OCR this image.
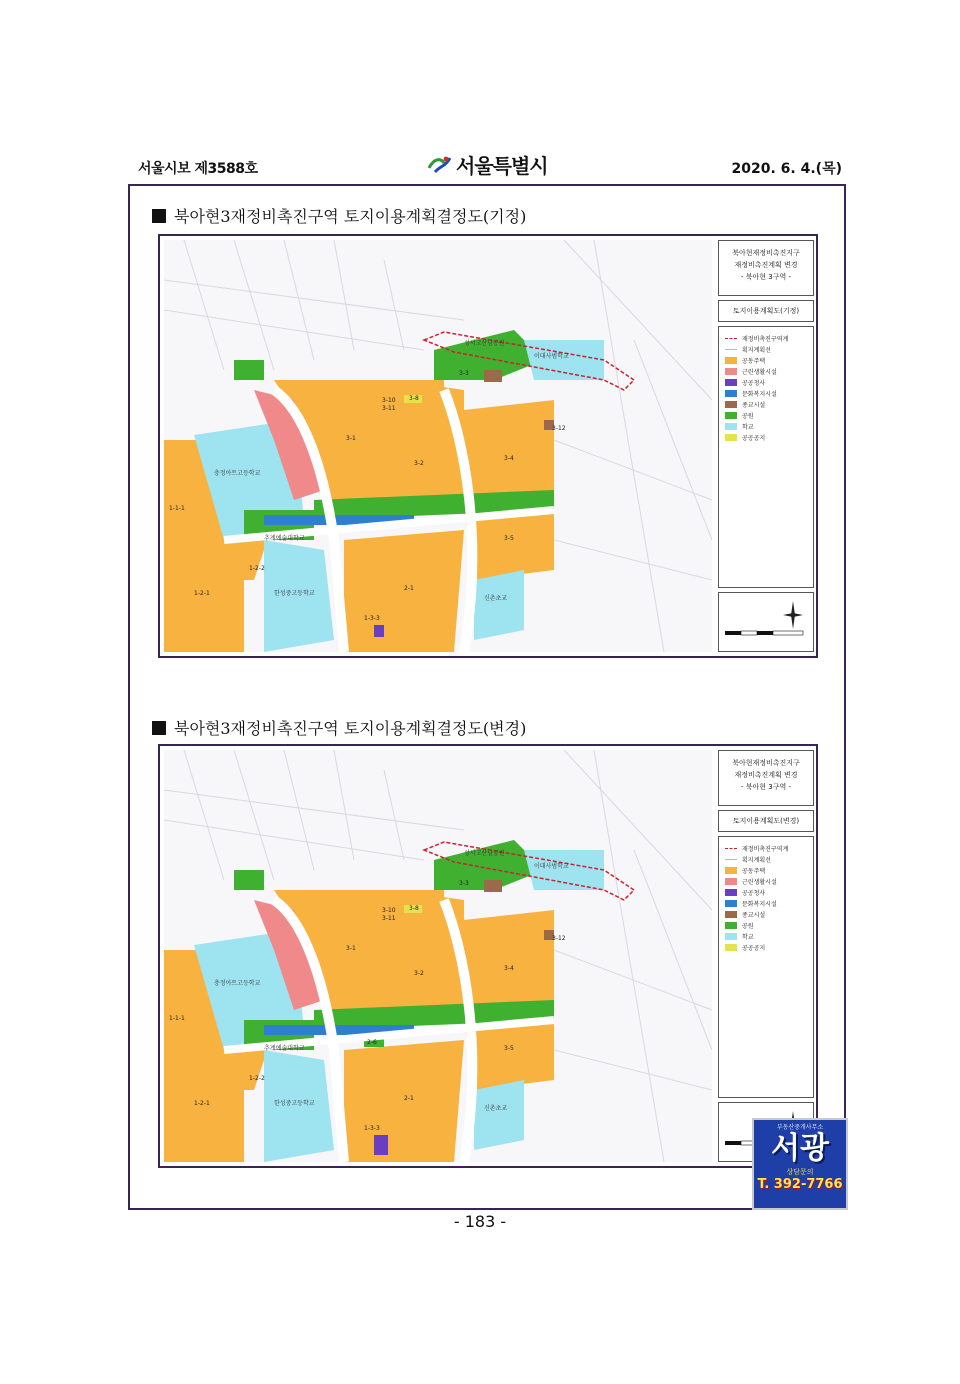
서울시보 제3588호	서울특별시	2020. 6. 4.(목)
북아현3재정비촉진구역 토지이용계획결정도(기정)
3-1
3-2
3-4
3-5
2-1
1-2-1
1-2-2
1-3-3
1-1-1
3-3
3-8
3-12
3-10
3-11
충정아트고등학교
추계예술대학교
한성중고등학교
신촌초교
이대사범학교
성서고산남공원
북아현재정비촉진지구
재정비촉진계획 변경
- 북아현 3구역 -
토지이용계획도(기정)
재정비촉진구역계
획지계획선
공동주택
근린생활시설
공공청사
문화복지시설
종교시설
공원
학교
공공공지
북아현3재정비촉진구역 토지이용계획결정도(변경)
3-1
3-2
3-4
3-5
2-1
1-2-1
1-2-2
1-3-3
1-1-1
3-3
3-8
3-12
3-10
3-11
2-6
충정아트고등학교
추계예술대학교
한성중고등학교
신촌초교
이대사범학교
성서고산남공원
북아현재정비촉진지구
재정비촉진계획 변경
- 북아현 3구역 -
토지이용계획도(변경)
재정비촉진구역계
획지계획선
공동주택
근린생활시설
공공청사
문화복지시설
종교시설
공원
학교
공공공지
부동산중개사무소
서광
상담문의
T. 392-7766
- 183 -
